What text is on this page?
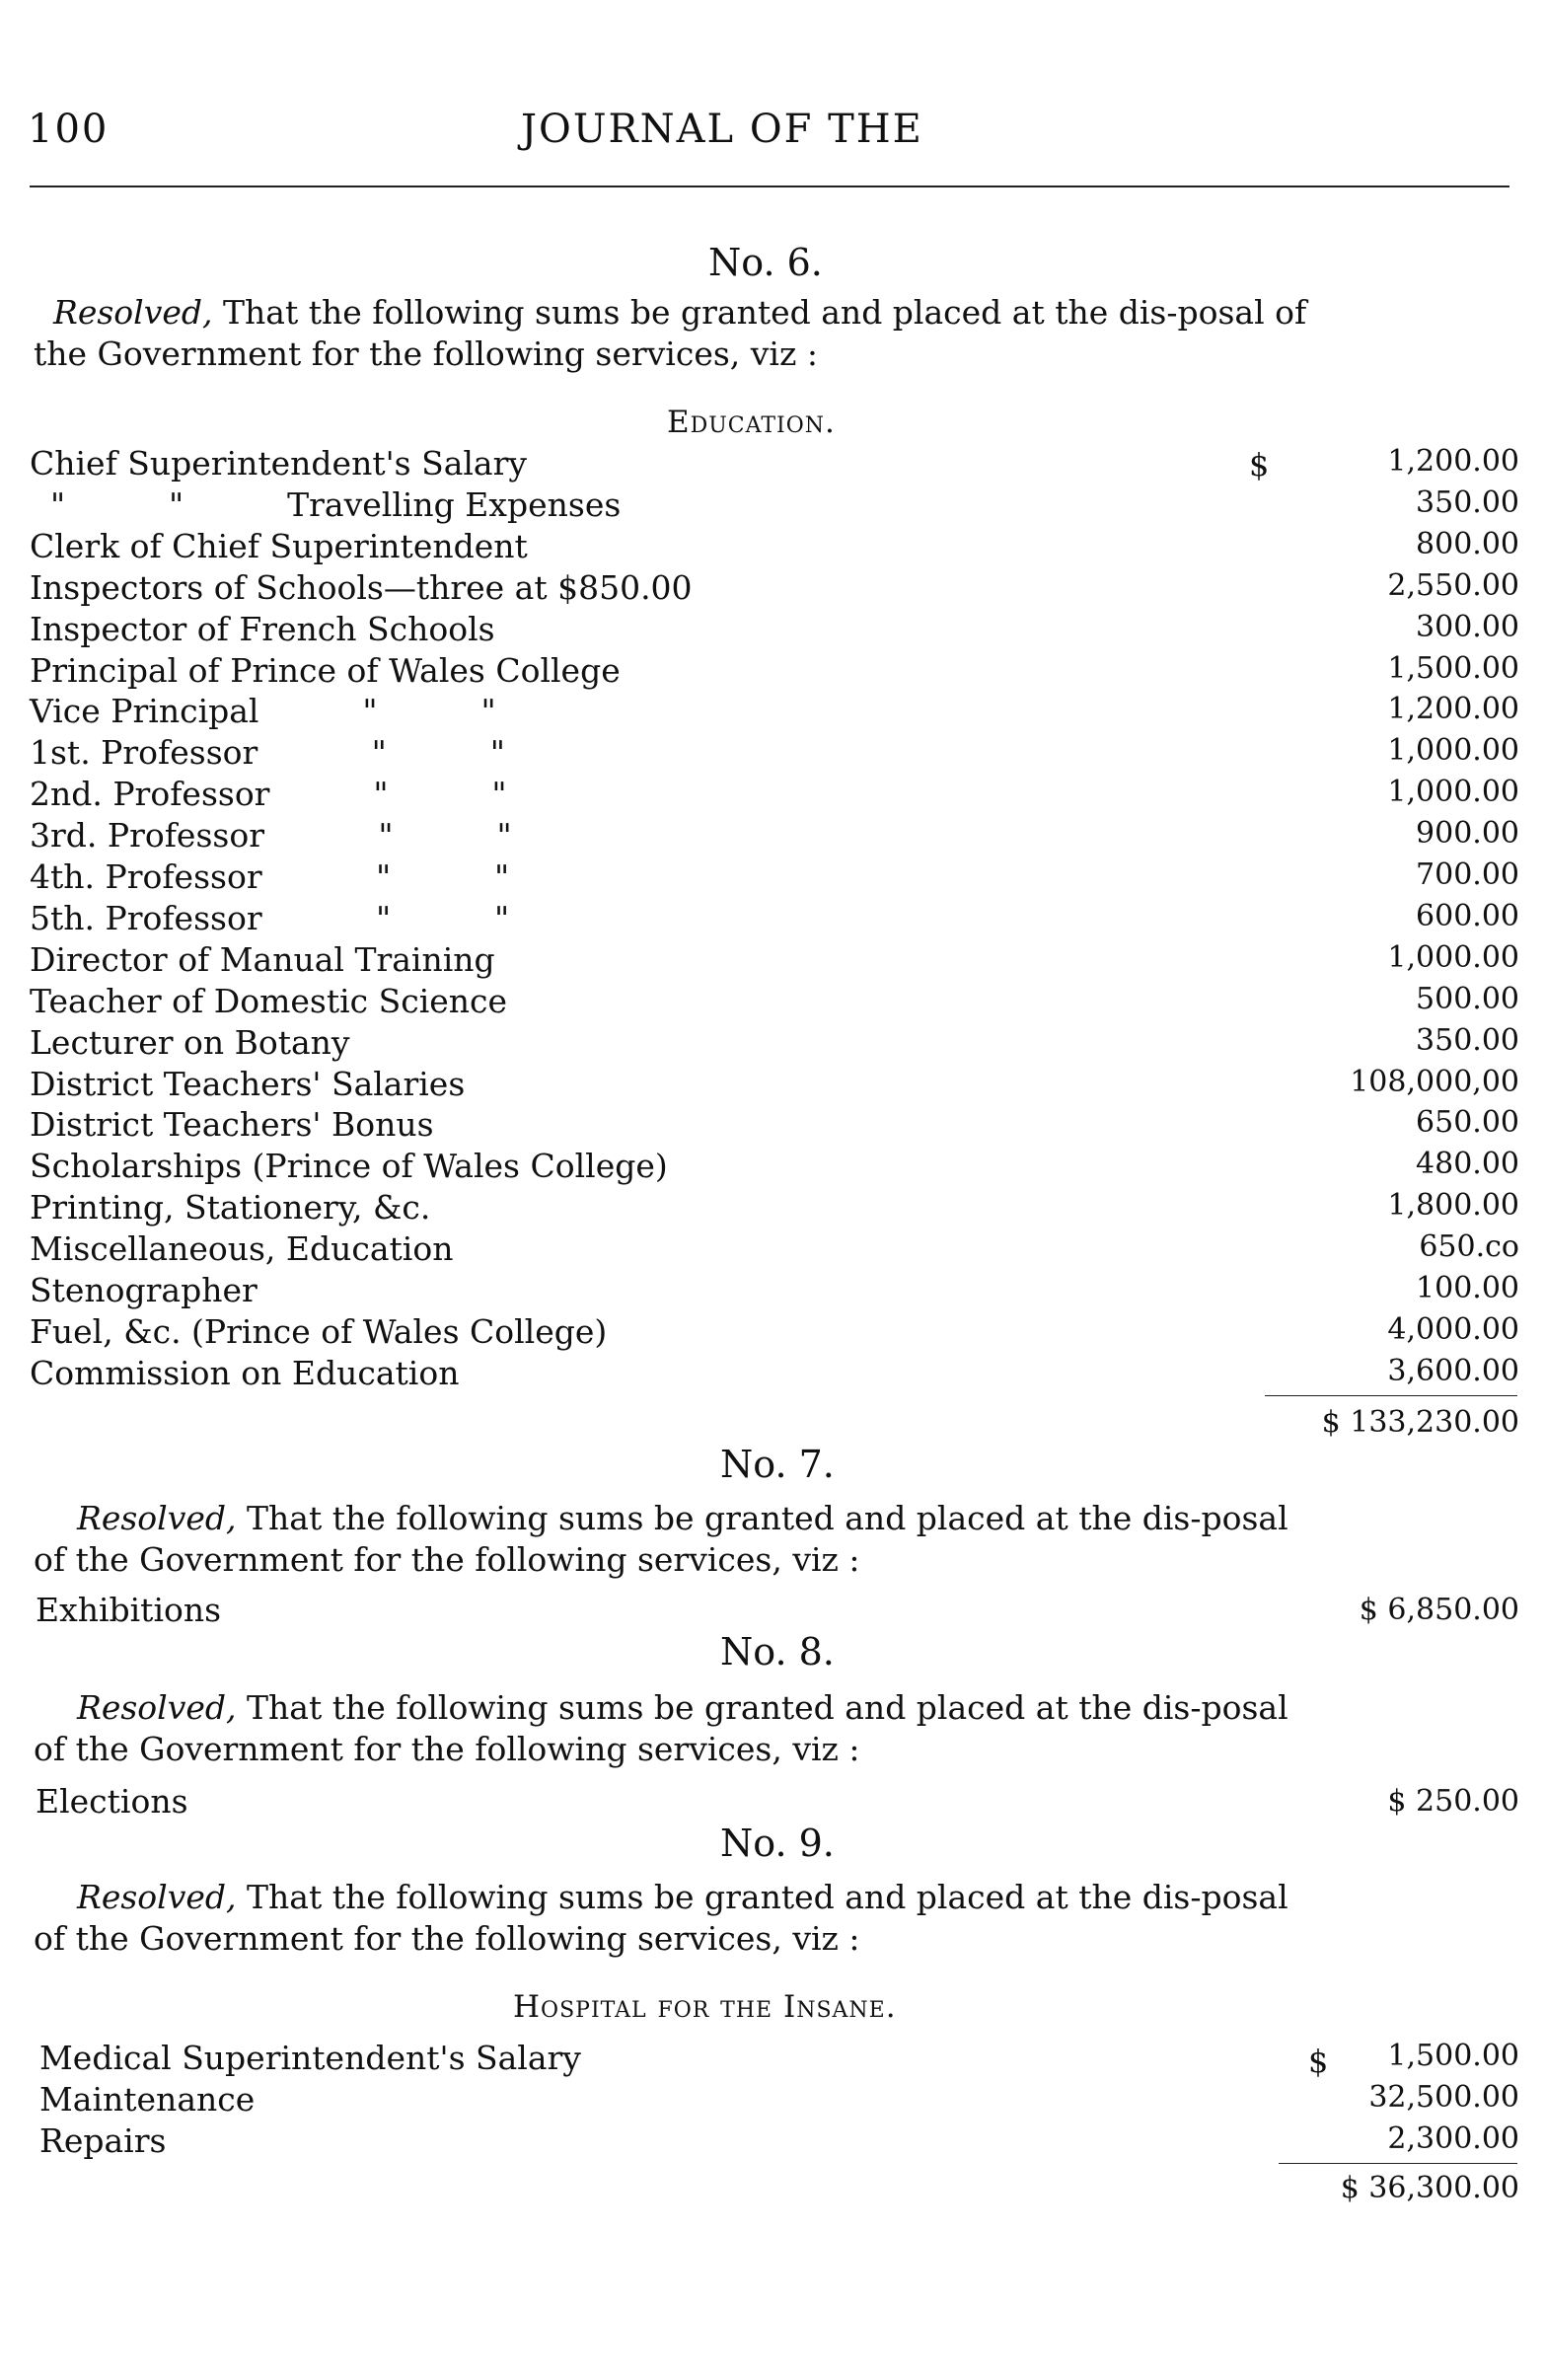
100	JOURNAL OF THE
No. 6.
Resolved, That the following sums be granted and placed at the dis-posal of the Government for the following services, viz :
Education.
Chief Superintendent's Salary	1,200.00
"          "          Travelling Expenses	350.00
Clerk of Chief Superintendent	800.00
Inspectors of Schools—three at $850.00	2,550.00
Inspector of French Schools	300.00
Principal of Prince of Wales College	1,500.00
Vice Principal          "          "	1,200.00
1st. Professor           "          "	1,000.00
2nd. Professor          "          "	1,000.00
3rd. Professor           "          "	900.00
4th. Professor           "          "	700.00
5th. Professor           "          "	600.00
Director of Manual Training	1,000.00
Teacher of Domestic Science	500.00
Lecturer on Botany	350.00
District Teachers' Salaries	108,000,00
District Teachers' Bonus	650.00
Scholarships (Prince of Wales College)	480.00
Printing, Stationery, &c.	1,800.00
Miscellaneous, Education	650.co
Stenographer	100.00
Fuel, &c. (Prince of Wales College)	4,000.00
Commission on Education	3,600.00
$
$ 133,230.00
No. 7.
Resolved, That the following sums be granted and placed at the dis-posal of the Government for the following services, viz :
Exhibitions	$ 6,850.00
No. 8.
Resolved, That the following sums be granted and placed at the dis-posal of the Government for the following services, viz :
Elections	$ 250.00
No. 9.
Resolved, That the following sums be granted and placed at the dis-posal of the Government for the following services, viz :
Hospital for the Insane.
Medical Superintendent's Salary	1,500.00
Maintenance	32,500.00
Repairs	2,300.00
$
$ 36,300.00
